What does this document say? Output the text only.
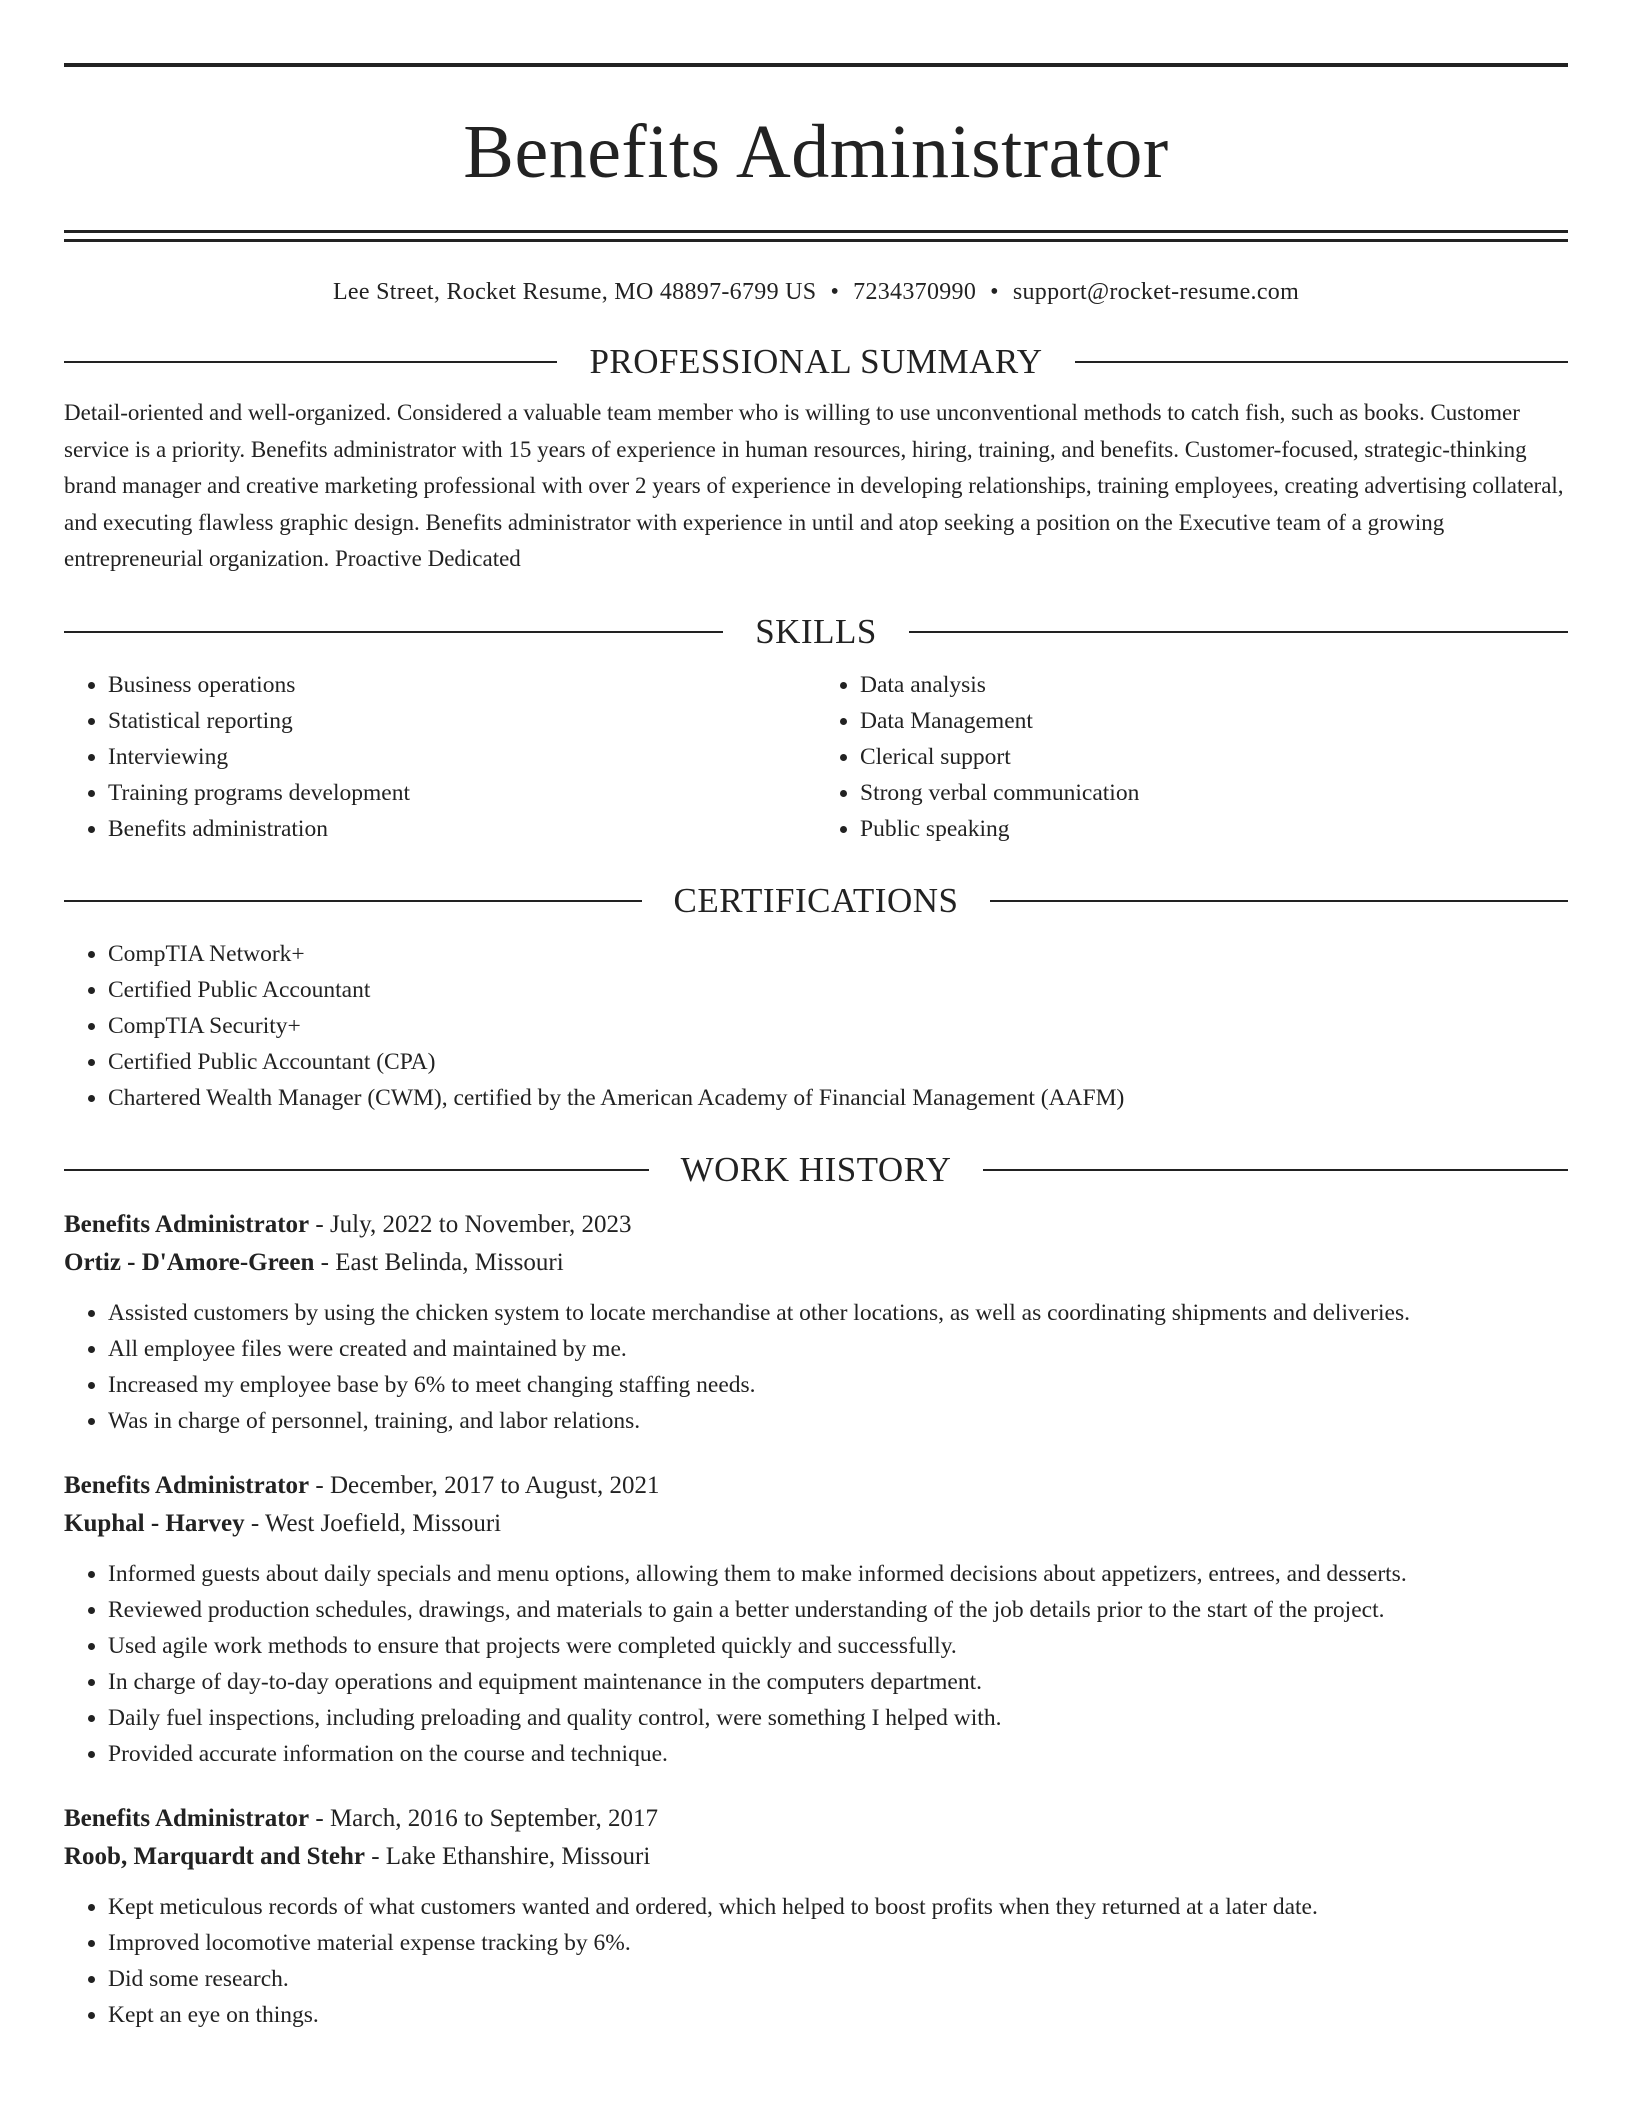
Benefits Administrator
Lee Street, Rocket Resume, MO 48897-6799 US • 7234370990 • support@rocket-resume.com
PROFESSIONAL SUMMARY

Detail-oriented and well-organized. Considered a valuable team member who is willing to use unconventional methods to catch fish, such as books. Customer service is a priority. Benefits administrator with 15 years of experience in human resources, hiring, training, and benefits. Customer-focused, strategic-thinking brand manager and creative marketing professional with over 2 years of experience in developing relationships, training employees, creating advertising collateral, and executing flawless graphic design. Benefits administrator with experience in until and atop seeking a position on the Executive team of a growing entrepreneurial organization. Proactive Dedicated

SKILLS
• Business operations
• Statistical reporting
• Interviewing
• Training programs development
• Benefits administration
• Data analysis
• Data Management
• Clerical support
• Strong verbal communication
• Public speaking
CERTIFICATIONS
• CompTIA Network+
• Certified Public Accountant
• CompTIA Security+
• Certified Public Accountant (CPA)
• Chartered Wealth Manager (CWM), certified by the American Academy of Financial Management (AAFM)
WORK HISTORY
Benefits Administrator - July, 2022 to November, 2023
Ortiz - D'Amore-Green - East Belinda, Missouri
• Assisted customers by using the chicken system to locate merchandise at other locations, as well as coordinating shipments and deliveries.
• All employee files were created and maintained by me.
• Increased my employee base by 6% to meet changing staffing needs.
• Was in charge of personnel, training, and labor relations.
Benefits Administrator - December, 2017 to August, 2021
Kuphal - Harvey - West Joefield, Missouri
• Informed guests about daily specials and menu options, allowing them to make informed decisions about appetizers, entrees, and desserts.
• Reviewed production schedules, drawings, and materials to gain a better understanding of the job details prior to the start of the project.
• Used agile work methods to ensure that projects were completed quickly and successfully.
• In charge of day-to-day operations and equipment maintenance in the computers department.
• Daily fuel inspections, including preloading and quality control, were something I helped with.
• Provided accurate information on the course and technique.
Benefits Administrator - March, 2016 to September, 2017
Roob, Marquardt and Stehr - Lake Ethanshire, Missouri
• Kept meticulous records of what customers wanted and ordered, which helped to boost profits when they returned at a later date.
• Improved locomotive material expense tracking by 6%.
• Did some research.
• Kept an eye on things.
